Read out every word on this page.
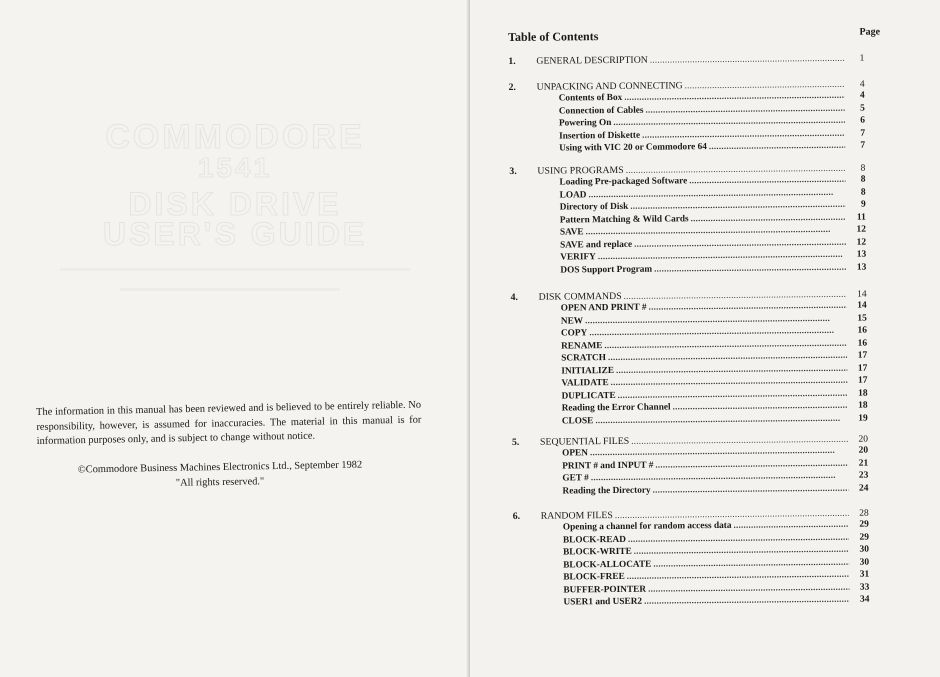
COMMODORE
1541
DISK DRIVE
USER'S GUIDE
The information in this manual has been reviewed and is believed to be entirely reliable. No responsibility, however, is assumed for inaccuracies. The material in this manual is for information purposes only, and is subject to change without notice.
©Commodore Business Machines Electronics Ltd., September 1982
"All rights reserved."
Table of Contents	Page
1.	GENERAL DESCRIPTION . . .	1
2.	UNPACKING AND CONNECTING . . .	4
Contents of Box . . .	4
Connection of Cables . . .	5
Powering On . . .	6
Insertion of Diskette . . .	7
Using with VIC 20 or Commodore 64 . . .	7
3.	USING PROGRAMS . . .	8
Loading Pre-packaged Software . . .	8
LOAD . . .	8
Directory of Disk . . .	9
Pattern Matching & Wild Cards . . .	11
SAVE . . .	12
SAVE and replace . . .	12
VERIFY . . .	13
DOS Support Program . . .	13
4.	DISK COMMANDS . . .	14
OPEN AND PRINT # . . .	14
NEW . . .	15
COPY . . .	16
RENAME . . .	16
SCRATCH . . .	17
INITIALIZE . . .	17
VALIDATE . . .	17
DUPLICATE . . .	18
Reading the Error Channel . . .	18
CLOSE . . .	19
5.	SEQUENTIAL FILES . . .	20
OPEN . . .	20
PRINT # and INPUT # . . .	21
GET # . . .	23
Reading the Directory . . .	24
6.	RANDOM FILES . . .	28
Opening a channel for random access data . . .	29
BLOCK-READ . . .	29
BLOCK-WRITE . . .	30
BLOCK-ALLOCATE . . .	30
BLOCK-FREE . . .	31
BUFFER-POINTER . . .	33
USER1 and USER2 . . .	34
